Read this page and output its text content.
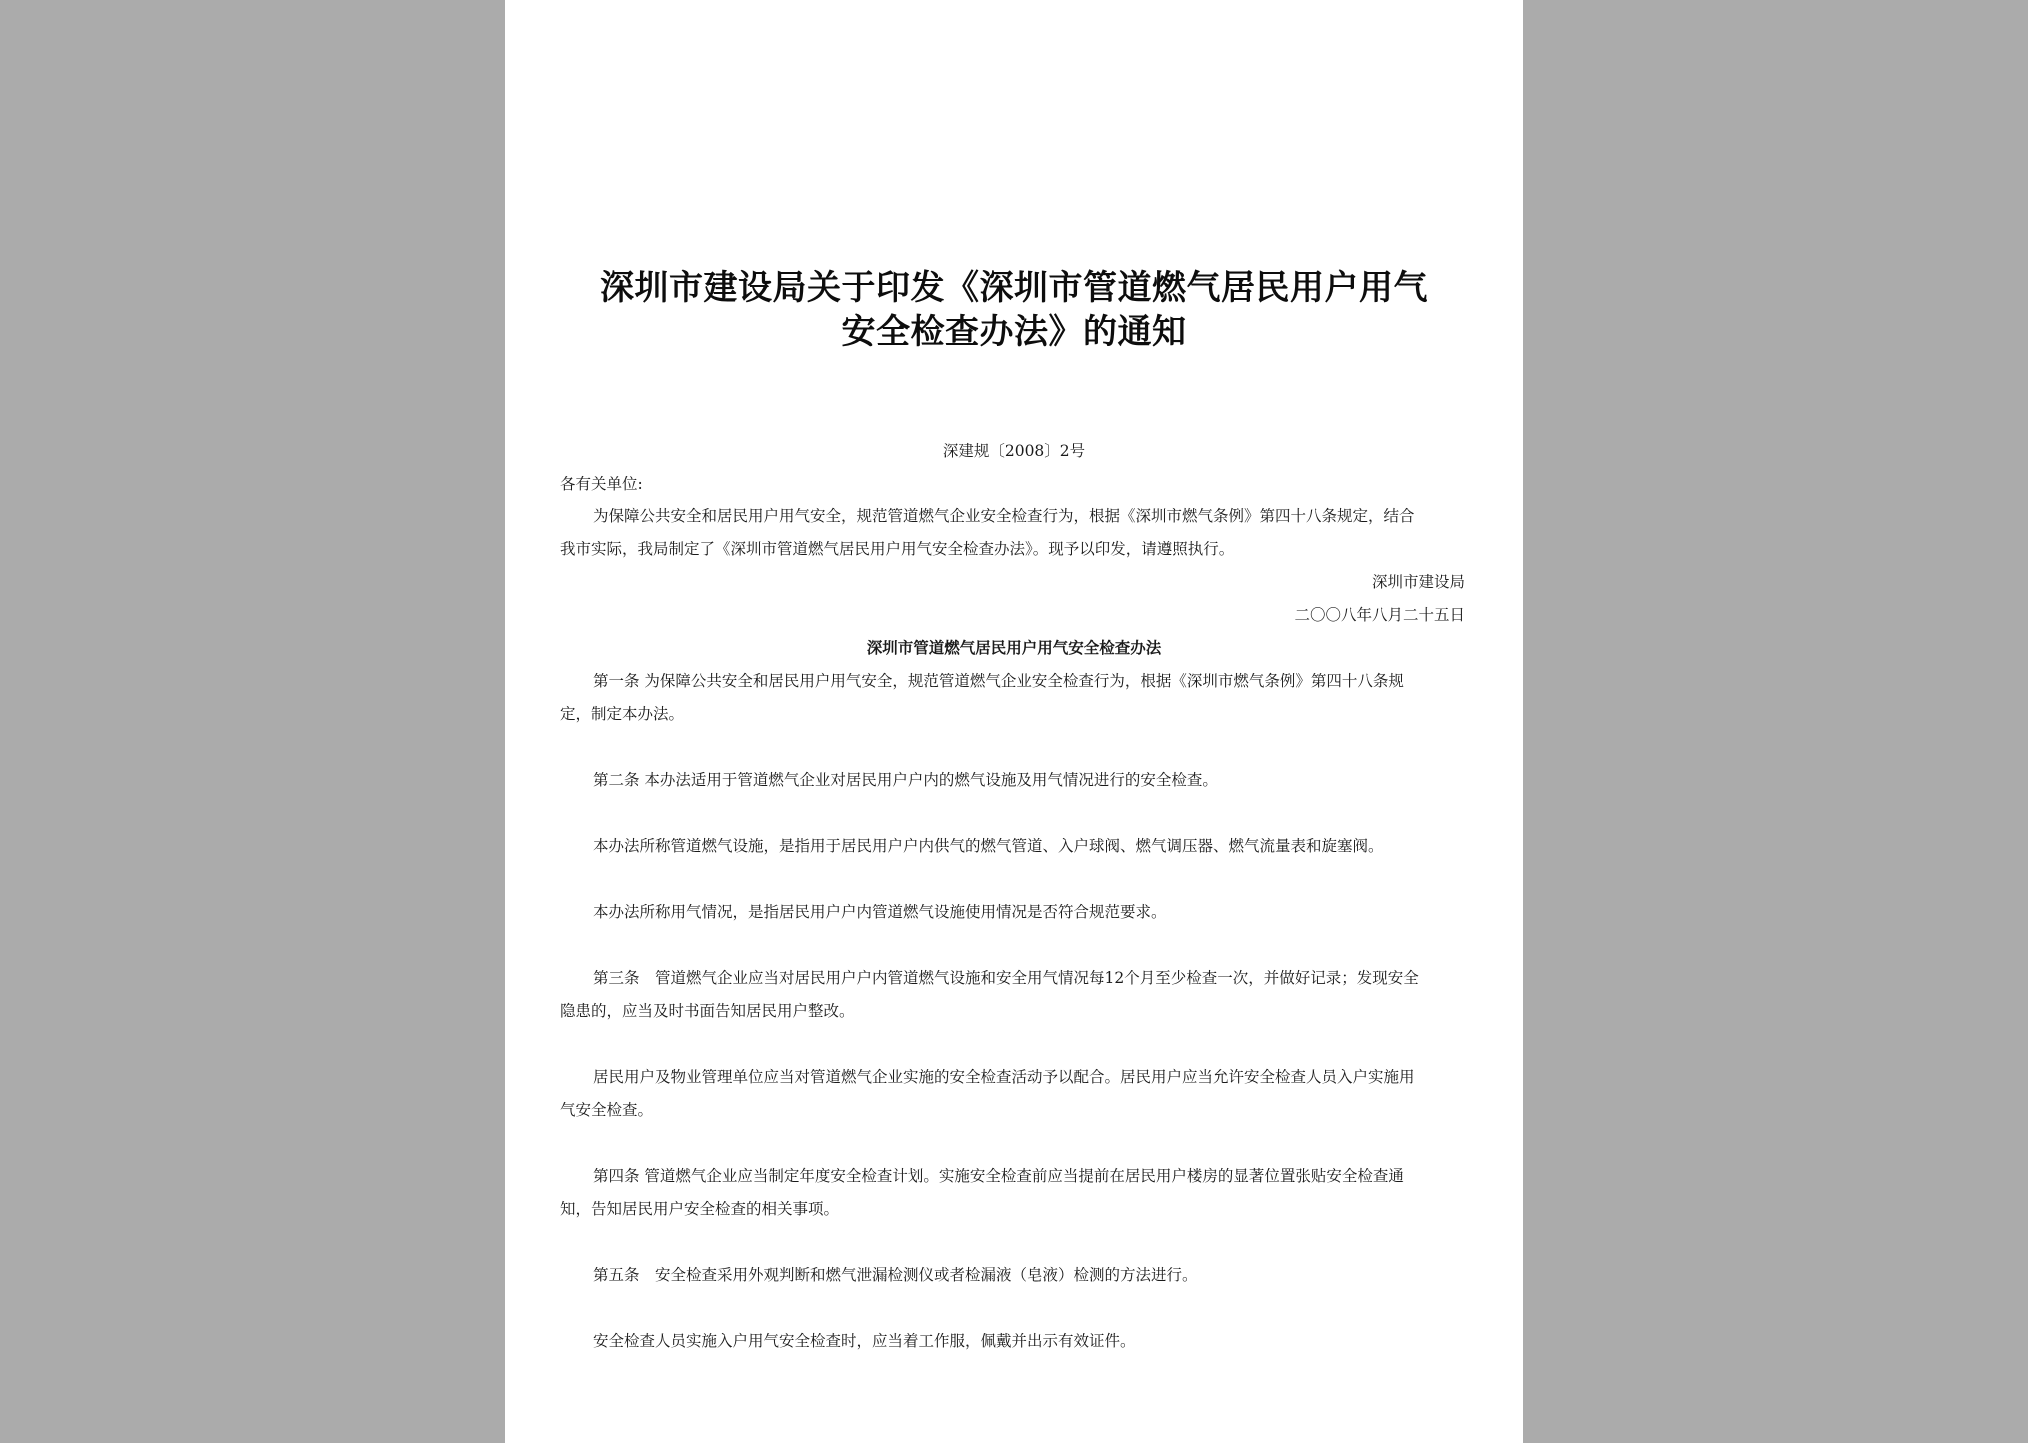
深圳市建设局关于印发《深圳市管道燃气居民用户用气
安全检查办法》的通知
深建规〔2008〕2号
各有关单位:
为保障公共安全和居民用户用气安全，规范管道燃气企业安全检查行为，根据《深圳市燃气条例》第四十八条规定，结合
我市实际，我局制定了《深圳市管道燃气居民用户用气安全检查办法》。现予以印发，请遵照执行。
深圳市建设局
二〇〇八年八月二十五日
深圳市管道燃气居民用户用气安全检查办法
第一条 为保障公共安全和居民用户用气安全，规范管道燃气企业安全检查行为，根据《深圳市燃气条例》第四十八条规
定，制定本办法。
第二条 本办法适用于管道燃气企业对居民用户户内的燃气设施及用气情况进行的安全检查。
本办法所称管道燃气设施，是指用于居民用户户内供气的燃气管道、入户球阀、燃气调压器、燃气流量表和旋塞阀。
本办法所称用气情况，是指居民用户户内管道燃气设施使用情况是否符合规范要求。
第三条　管道燃气企业应当对居民用户户内管道燃气设施和安全用气情况每12个月至少检查一次，并做好记录；发现安全
隐患的，应当及时书面告知居民用户整改。
居民用户及物业管理单位应当对管道燃气企业实施的安全检查活动予以配合。居民用户应当允许安全检查人员入户实施用
气安全检查。
第四条 管道燃气企业应当制定年度安全检查计划。实施安全检查前应当提前在居民用户楼房的显著位置张贴安全检查通
知，告知居民用户安全检查的相关事项。
第五条　安全检查采用外观判断和燃气泄漏检测仪或者检漏液（皂液）检测的方法进行。
安全检查人员实施入户用气安全检查时，应当着工作服，佩戴并出示有效证件。
